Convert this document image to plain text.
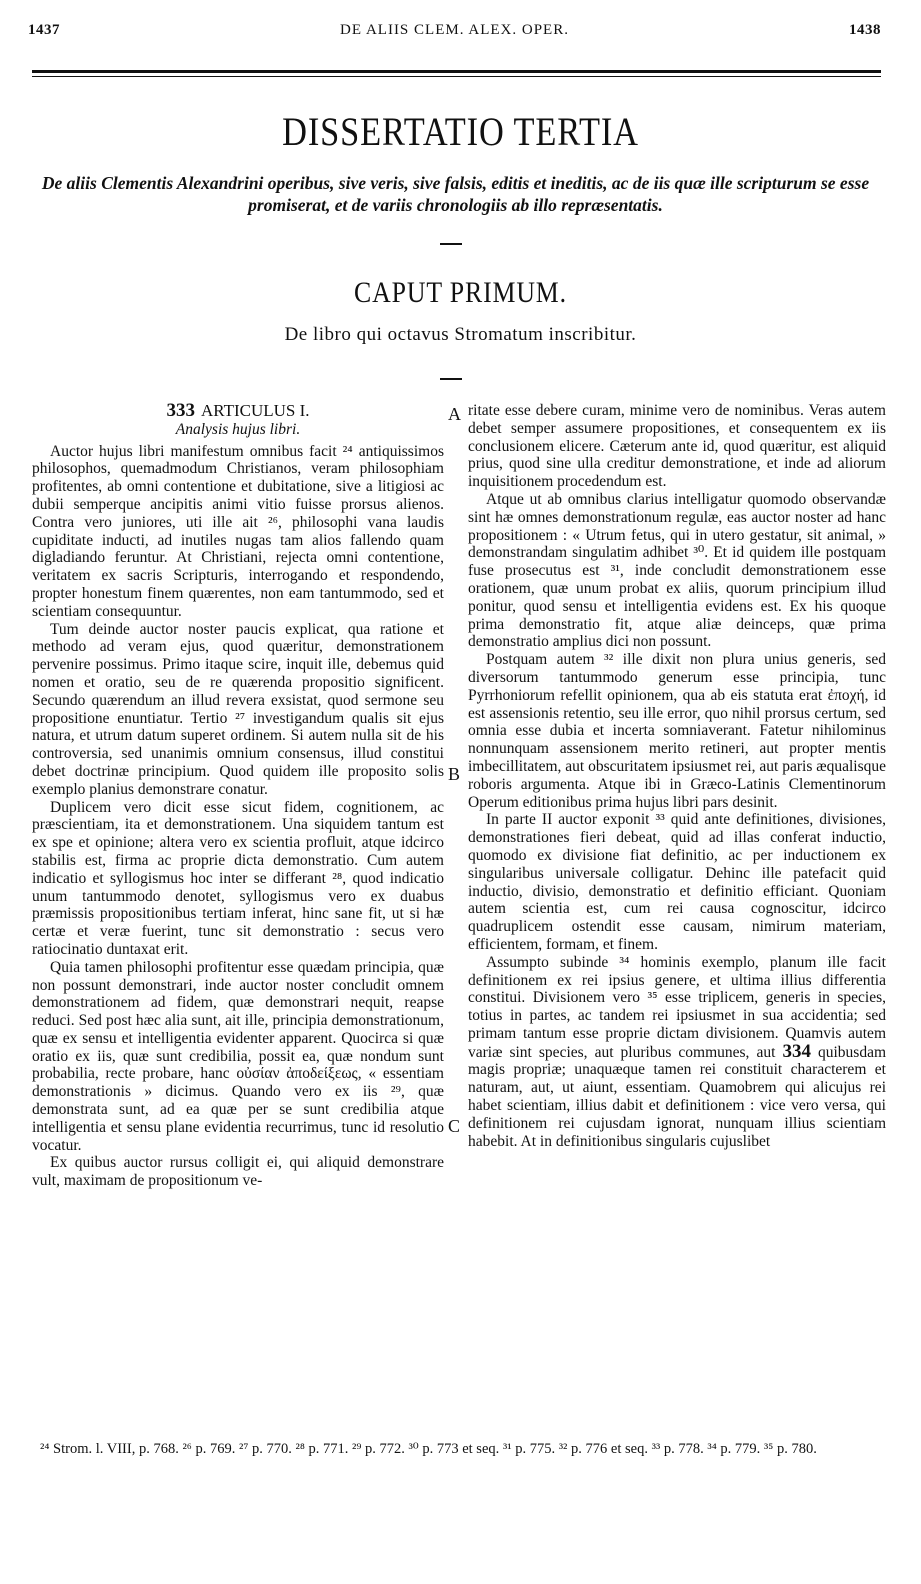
1437	DE ALIIS CLEM. ALEX. OPER.	1438
DISSERTATIO TERTIA
De aliis Clementis Alexandrini operibus, sive veris, sive falsis, editis et ineditis, ac de iis quæ ille scripturum se esse promiserat, et de variis chronologiis ab illo repræsentatis.
CAPUT PRIMUM.
De libro qui octavus Stromatum inscribitur.
333 ARTICULUS I.
Analysis hujus libri.

Auctor hujus libri manifestum omnibus facit ²⁴ antiquissimos philosophos, quemadmodum Christianos, veram philosophiam profitentes, ab omni contentione et dubitatione, sive a litigiosi ac dubii semperque ancipitis animi vitio fuisse prorsus alienos. Contra vero juniores, uti ille ait ²⁶, philosophi vana laudis cupiditate inducti, ad inutiles nugas tam alios fallendo quam digladiando feruntur. At Christiani, rejecta omni contentione, veritatem ex sacris Scripturis, interrogando et respondendo, propter honestum finem quærentes, non eam tantummodo, sed et scientiam consequuntur.

Tum deinde auctor noster paucis explicat, qua ratione et methodo ad veram ejus, quod quæritur, demonstrationem pervenire possimus. Primo itaque scire, inquit ille, debemus quid nomen et oratio, seu de re quærenda propositio significent. Secundo quærendum an illud revera exsistat, quod sermone seu propositione enuntiatur. Tertio ²⁷ investigandum qualis sit ejus natura, et utrum datum superet ordinem. Si autem nulla sit de his controversia, sed unanimis omnium consensus, illud constitui debet doctrinæ principium. Quod quidem ille proposito solis exemplo planius demonstrare conatur.

Duplicem vero dicit esse sicut fidem, cognitionem, ac præscientiam, ita et demonstrationem. Una siquidem tantum est ex spe et opinione; altera vero ex scientia profluit, atque idcirco stabilis est, firma ac proprie dicta demonstratio. Cum autem indicatio et syllogismus hoc inter se differant ²⁸, quod indicatio unum tantummodo denotet, syllogismus vero ex duabus præmissis propositionibus tertiam inferat, hinc sane fit, ut si hæ certæ et veræ fuerint, tunc sit demonstratio : secus vero ratiocinatio duntaxat erit.

Quia tamen philosophi profitentur esse quædam principia, quæ non possunt demonstrari, inde auctor noster concludit omnem demonstrationem ad fidem, quæ demonstrari nequit, reapse reduci. Sed post hæc alia sunt, ait ille, principia demonstrationum, quæ ex sensu et intelligentia evidenter apparent. Quocirca si quæ oratio ex iis, quæ sunt credibilia, possit ea, quæ nondum sunt probabilia, recte probare, hanc οὐσίαν ἀποδείξεως, « essentiam demonstrationis » dicimus. Quando vero ex iis ²⁹, quæ demonstrata sunt, ad ea quæ per se sunt credibilia atque intelligentia et sensu plane evidentia recurrimus, tunc id resolutio vocatur.

Ex quibus auctor rursus colligit ei, qui aliquid demonstrare vult, maximam de propositionum ve-

A
B
C

ritate esse debere curam, minime vero de nominibus. Veras autem debet semper assumere propositiones, et consequentem ex iis conclusionem elicere. Cæterum ante id, quod quæritur, est aliquid prius, quod sine ulla creditur demonstratione, et inde ad aliorum inquisitionem procedendum est.

Atque ut ab omnibus clarius intelligatur quomodo observandæ sint hæ omnes demonstrationum regulæ, eas auctor noster ad hanc propositionem : « Utrum fetus, qui in utero gestatur, sit animal, » demonstrandam singulatim adhibet ³⁰. Et id quidem ille postquam fuse prosecutus est ³¹, inde concludit demonstrationem esse orationem, quæ unum probat ex aliis, quorum principium illud ponitur, quod sensu et intelligentia evidens est. Ex his quoque prima demonstratio fit, atque aliæ deinceps, quæ prima demonstratio amplius dici non possunt.

Postquam autem ³² ille dixit non plura unius generis, sed diversorum tantummodo generum esse principia, tunc Pyrrhoniorum refellit opinionem, qua ab eis statuta erat ἐποχή, id est assensionis retentio, seu ille error, quo nihil prorsus certum, sed omnia esse dubia et incerta somniaverant. Fatetur nihilominus nonnunquam assensionem merito retineri, aut propter mentis imbecillitatem, aut obscuritatem ipsiusmet rei, aut paris æqualisque roboris argumenta. Atque ibi in Græco-Latinis Clementinorum Operum editionibus prima hujus libri pars desinit.

In parte II auctor exponit ³³ quid ante definitiones, divisiones, demonstrationes fieri debeat, quid ad illas conferat inductio, quomodo ex divisione fiat definitio, ac per inductionem ex singularibus universale colligatur. Dehinc ille patefacit quid inductio, divisio, demonstratio et definitio efficiant. Quoniam autem scientia est, cum rei causa cognoscitur, idcirco quadruplicem ostendit esse causam, nimirum materiam, efficientem, formam, et finem.

Assumpto subinde ³⁴ hominis exemplo, planum ille facit definitionem ex rei ipsius genere, et ultima illius differentia constitui. Divisionem vero ³⁵ esse triplicem, generis in species, totius in partes, ac tandem rei ipsiusmet in sua accidentia; sed primam tantum esse proprie dictam divisionem. Quamvis autem variæ sint species, aut pluribus communes, aut 334 quibusdam magis propriæ; unaquæque tamen rei constituit characterem et naturam, aut, ut aiunt, essentiam. Quamobrem qui alicujus rei habet scientiam, illius dabit et definitionem : vice vero versa, qui definitionem rei cujusdam ignorat, nunquam illius scientiam habebit. At in definitionibus singularis cujuslibet

²⁴ Strom. l. VIII, p. 768. ²⁶ p. 769. ²⁷ p. 770. ²⁸ p. 771. ²⁹ p. 772. ³⁰ p. 773 et seq. ³¹ p. 775. ³² p. 776 et seq. ³³ p. 778. ³⁴ p. 779. ³⁵ p. 780.
